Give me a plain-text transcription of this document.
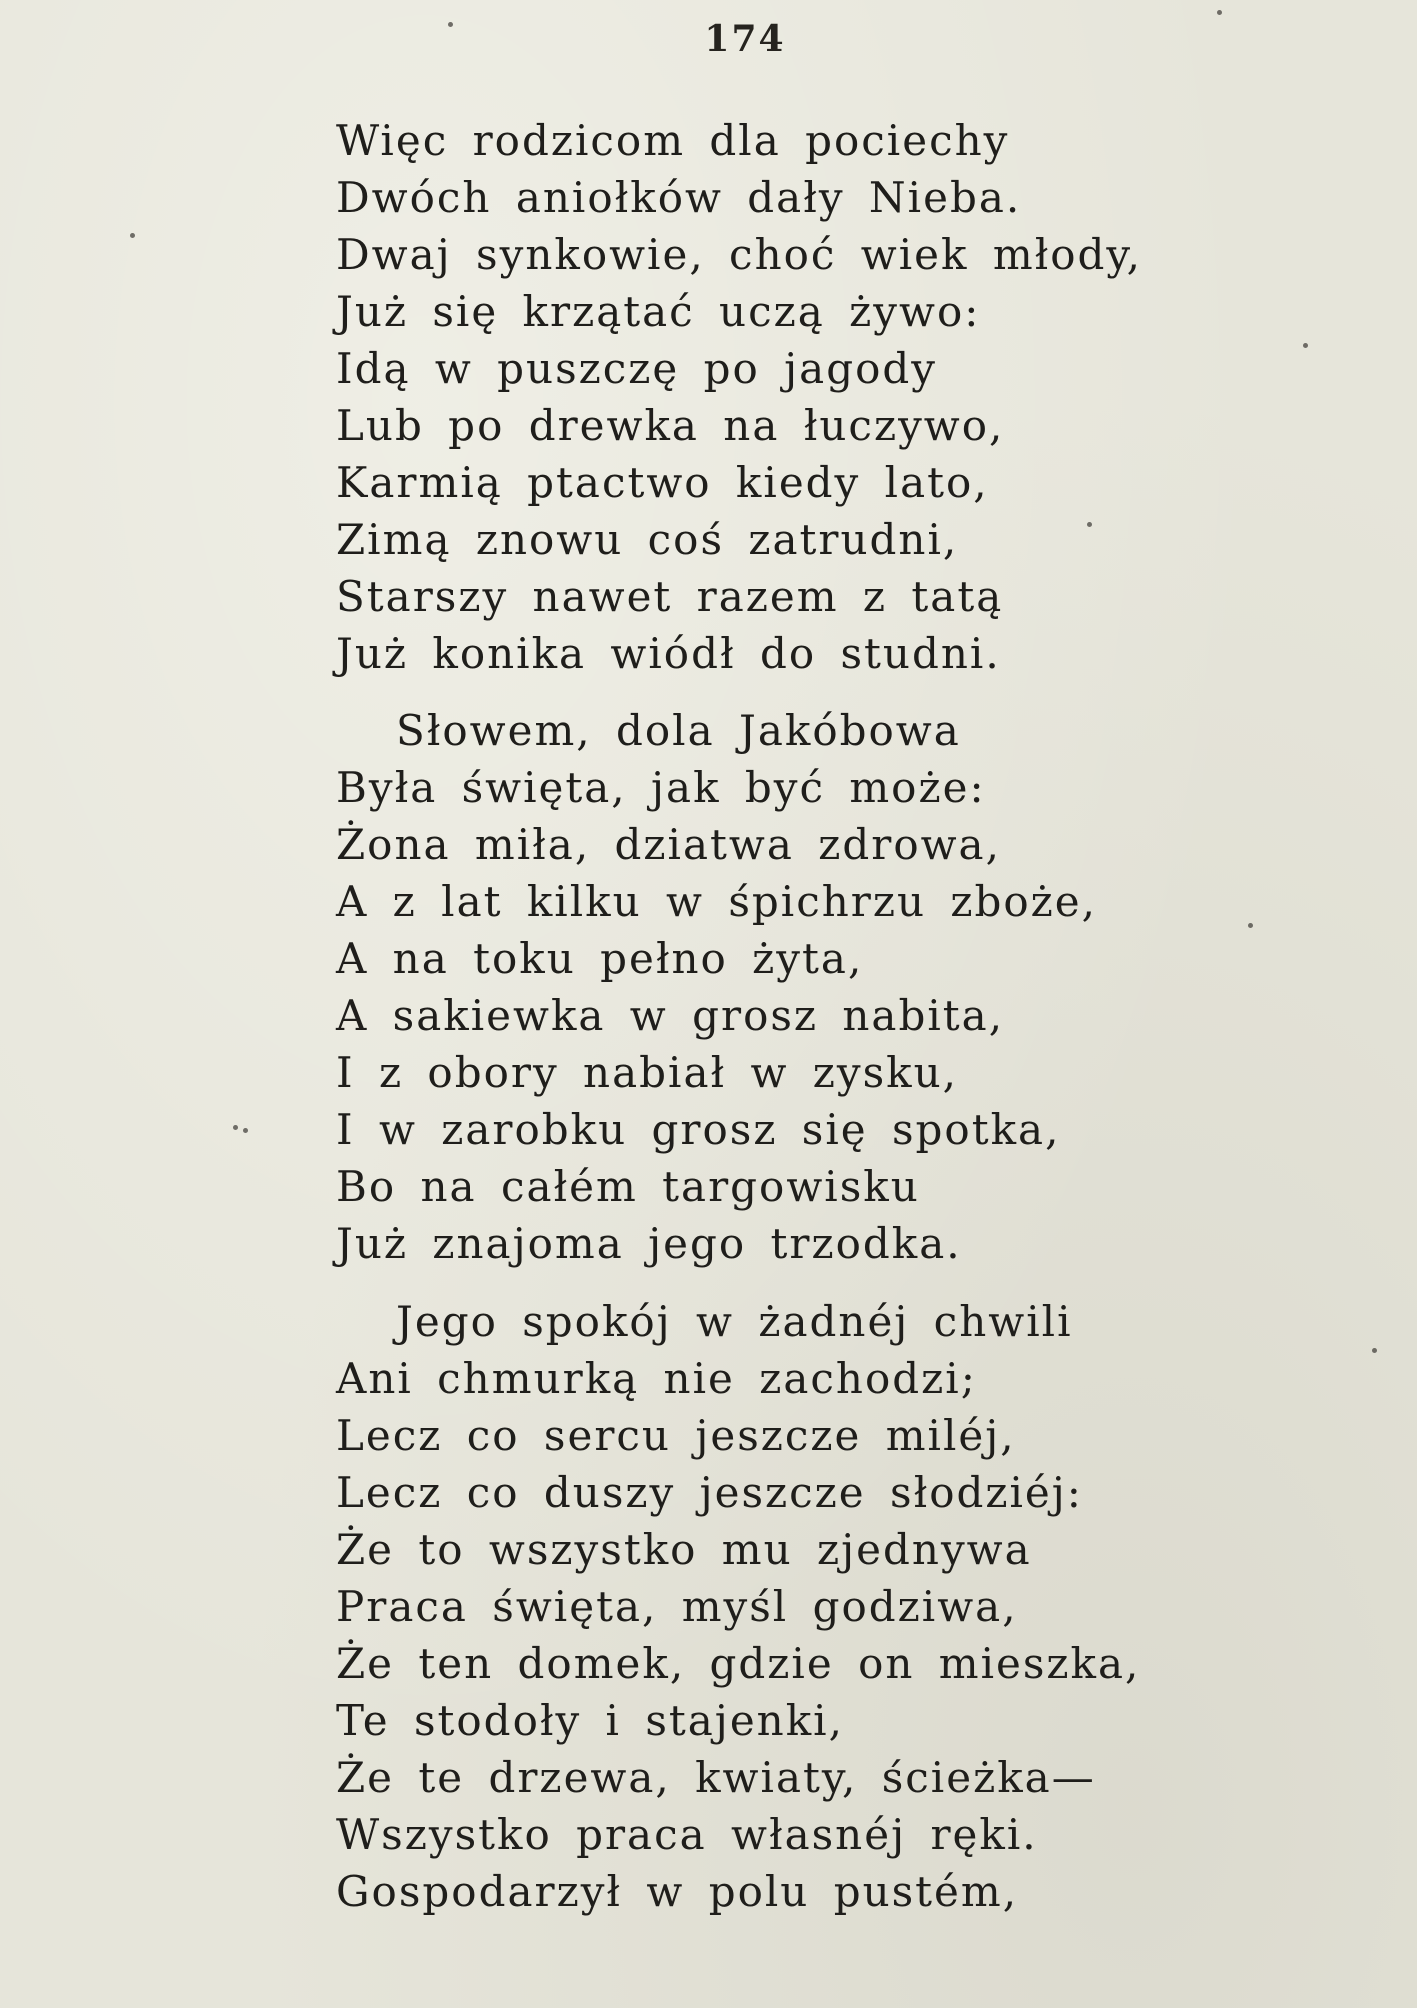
174
Więc rodzicom dla pociechy
Dwóch aniołków dały Nieba.
Dwaj synkowie, choć wiek młody,
Już się krzątać uczą żywo:
Idą w puszczę po jagody
Lub po drewka na łuczywo,
Karmią ptactwo kiedy lato,
Zimą znowu coś zatrudni,
Starszy nawet razem z tatą
Już konika wiódł do studni.
Słowem, dola Jakóbowa
Była święta, jak być może:
Żona miła, dziatwa zdrowa,
A z lat kilku w śpichrzu zboże,
A na toku pełno żyta,
A sakiewka w grosz nabita,
I z obory nabiał w zysku,
I w zarobku grosz się spotka,
Bo na całém targowisku
Już znajoma jego trzodka.
Jego spokój w żadnéj chwili
Ani chmurką nie zachodzi;
Lecz co sercu jeszcze miléj,
Lecz co duszy jeszcze słodziéj:
Że to wszystko mu zjednywa
Praca święta, myśl godziwa,
Że ten domek, gdzie on mieszka,
Te stodoły i stajenki,
Że te drzewa, kwiaty, ścieżka—
Wszystko praca własnéj ręki.
Gospodarzył w polu pustém,
